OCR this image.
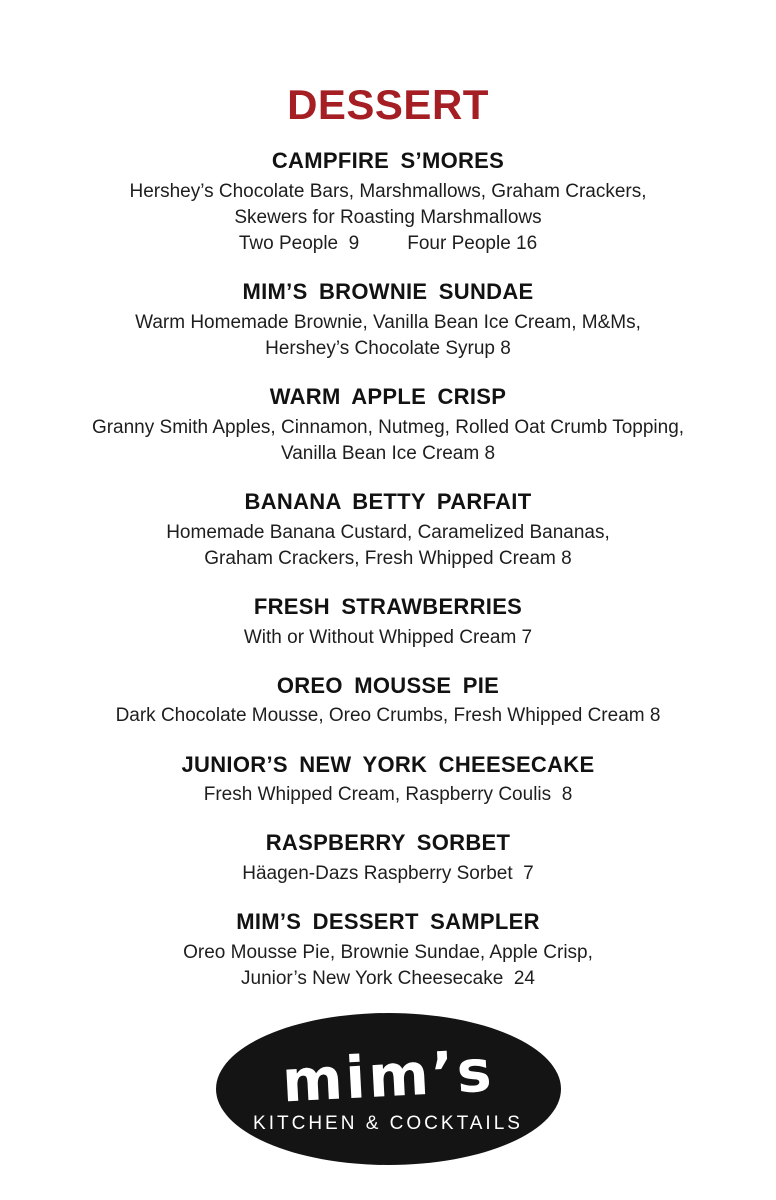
DESSERT
CAMPFIRE S’MORES

Hershey’s Chocolate Bars, Marshmallows, Graham Crackers,

Skewers for Roasting Marshmallows

Two People  9	Four People 16
MIM’S BROWNIE SUNDAE

Warm Homemade Brownie, Vanilla Bean Ice Cream, M&Ms,

Hershey’s Chocolate Syrup 8

WARM APPLE CRISP

Granny Smith Apples, Cinnamon, Nutmeg, Rolled Oat Crumb Topping,

Vanilla Bean Ice Cream 8

BANANA BETTY PARFAIT

Homemade Banana Custard, Caramelized Bananas,

Graham Crackers, Fresh Whipped Cream 8

FRESH STRAWBERRIES

With or Without Whipped Cream 7

OREO MOUSSE PIE

Dark Chocolate Mousse, Oreo Crumbs, Fresh Whipped Cream 8

JUNIOR’S NEW YORK CHEESECAKE

Fresh Whipped Cream, Raspberry Coulis  8

RASPBERRY SORBET

Häagen-Dazs Raspberry Sorbet  7

MIM’S DESSERT SAMPLER

Oreo Mousse Pie, Brownie Sundae, Apple Crisp,

Junior’s New York Cheesecake  24

mim’s
KITCHEN & COCKTAILS
